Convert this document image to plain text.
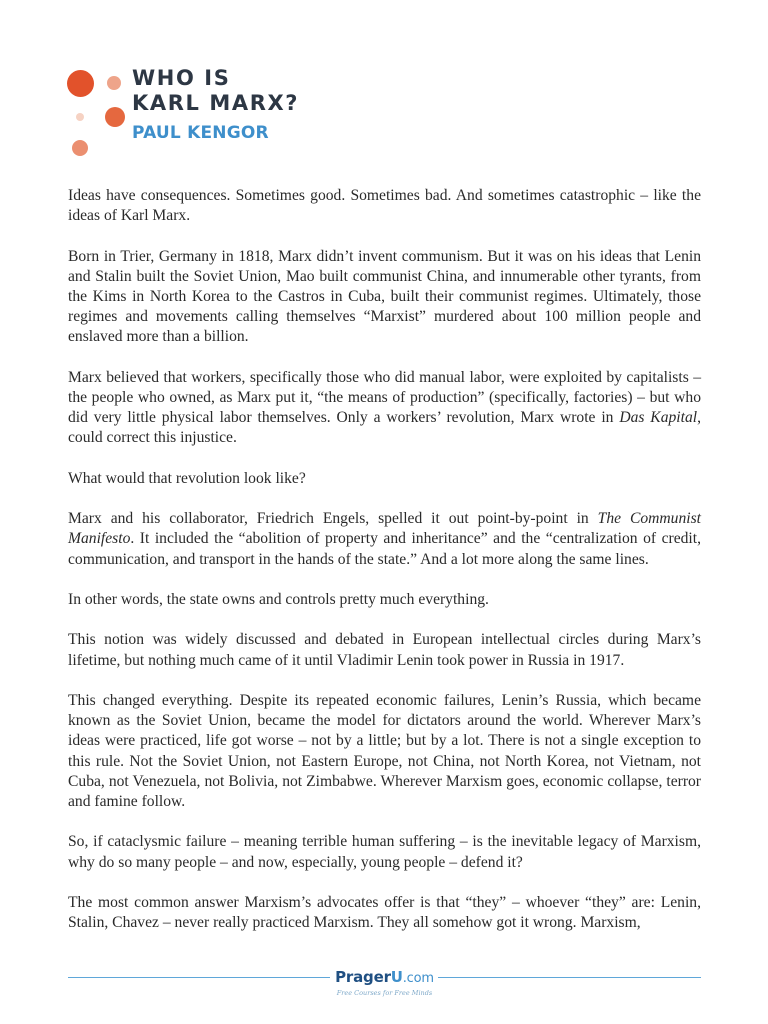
WHO IS
KARL MARX?
PAUL KENGOR

Ideas have consequences. Sometimes good. Sometimes bad. And sometimes catastrophic – like the ideas of Karl Marx.

Born in Trier, Germany in 1818, Marx didn’t invent communism. But it was on his ideas that Lenin and Stalin built the Soviet Union, Mao built communist China, and innumerable other tyrants, from the Kims in North Korea to the Castros in Cuba, built their communist regimes. Ultimately, those regimes and movements calling themselves “Marxist” murdered about 100 million people and enslaved more than a billion.

Marx believed that workers, specifically those who did manual labor, were exploited by capitalists – the people who owned, as Marx put it, “the means of production” (specifically, factories) – but who did very little physical labor themselves. Only a workers’ revolution, Marx wrote in Das Kapital, could correct this injustice.

What would that revolution look like?

Marx and his collaborator, Friedrich Engels, spelled it out point-by-point in The Communist Manifesto. It included the “abolition of property and inheritance” and the “centralization of credit, communication, and transport in the hands of the state.” And a lot more along the same lines.

In other words, the state owns and controls pretty much everything.

This notion was widely discussed and debated in European intellectual circles during Marx’s lifetime, but nothing much came of it until Vladimir Lenin took power in Russia in 1917.

This changed everything. Despite its repeated economic failures, Lenin’s Russia, which became known as the Soviet Union, became the model for dictators around the world. Wherever Marx’s ideas were practiced, life got worse – not by a little; but by a lot. There is not a single exception to this rule. Not the Soviet Union, not Eastern Europe, not China, not North Korea, not Vietnam, not Cuba, not Venezuela, not Bolivia, not Zimbabwe. Wherever Marxism goes, economic collapse, terror and famine follow.

So, if cataclysmic failure – meaning terrible human suffering – is the inevitable legacy of Marxism, why do so many people – and now, especially, young people – defend it?

The most common answer Marxism’s advocates offer is that “they” – whoever “they” are: Lenin, Stalin, Chavez – never really practiced Marxism. They all somehow got it wrong. Marxism,

PragerU.com
Free Courses for Free Minds
